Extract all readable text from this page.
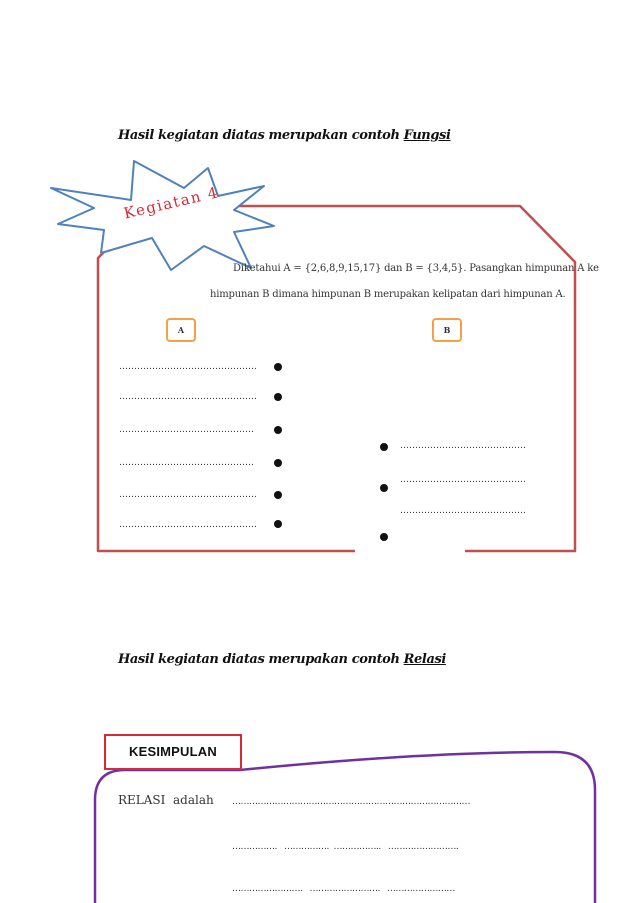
Hasil kegiatan diatas merupakan contoh Fungsi
Kegiatan 4
Diketahui A = {2,6,8,9,15,17} dan B = {3,4,5}. Pasangkan himpunan A ke
himpunan B dimana himpunan B merupakan kelipatan dari himpunan A.
A	B
……………………………………….
……………………………………….
………………………………………
………………………………………
……………………………………….
……………………………………….
……………………………………
……………………………………
……………………………………
Hasil kegiatan diatas merupakan contoh Relasi
KESIMPULAN
RELASI  adalah …………………………………………………………………………
…………….   …………….  ……………..   …………………….
…………………….   …………………….   ……………………
